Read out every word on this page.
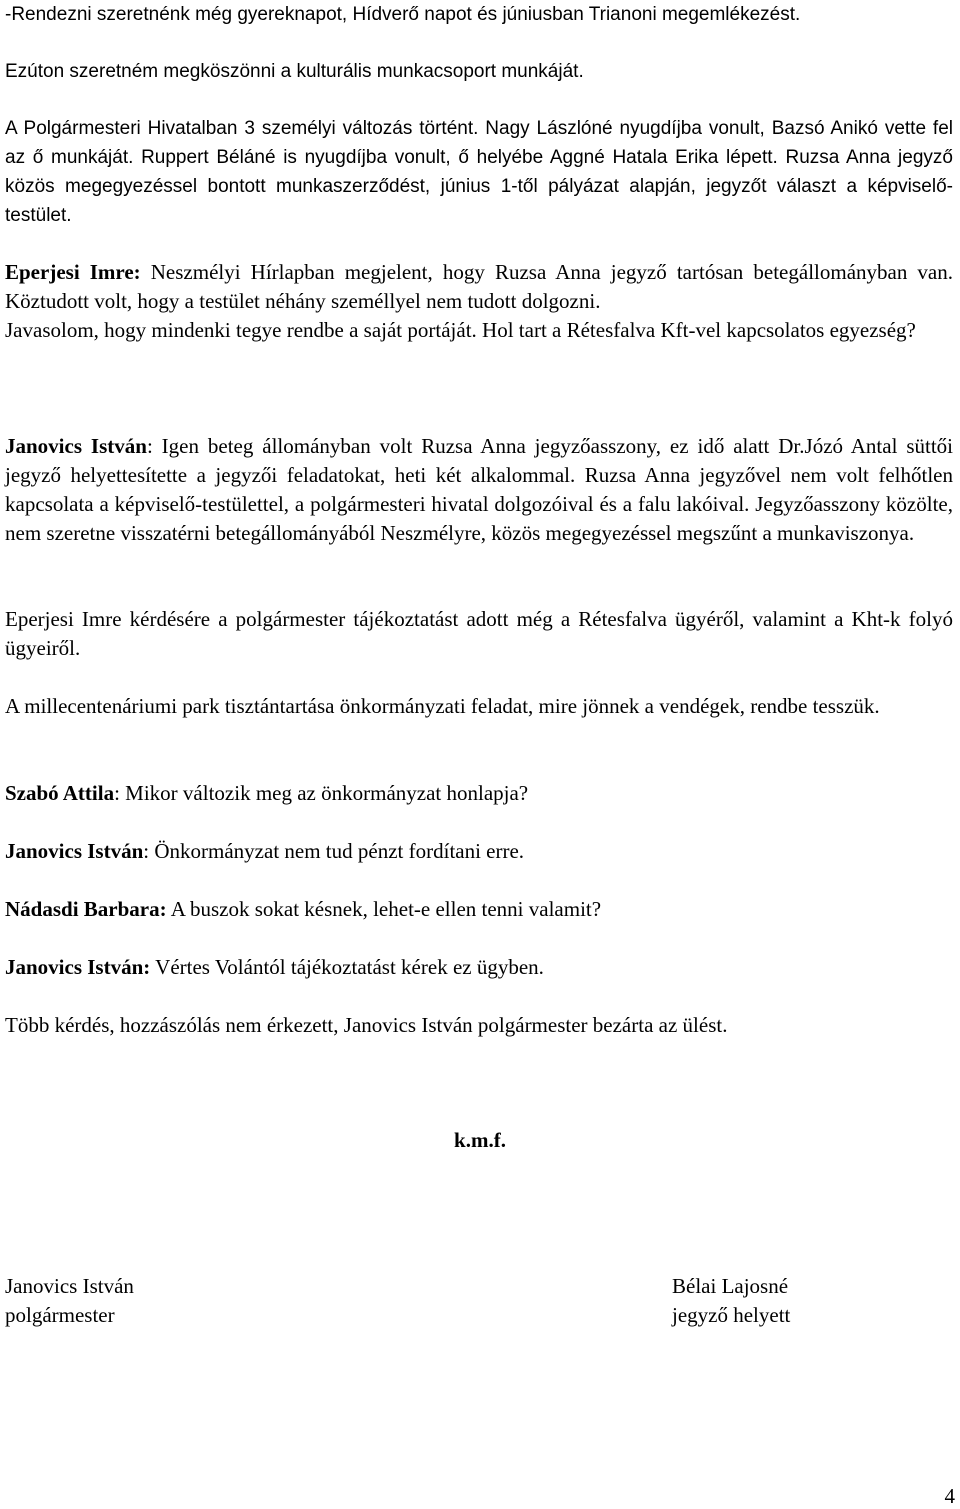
-Rendezni szeretnénk még gyereknapot, Hídverő napot és júniusban Trianoni megemlékezést.
Ezúton szeretném megköszönni a kulturális munkacsoport munkáját.
A Polgármesteri Hivatalban 3 személyi változás történt. Nagy Lászlóné nyugdíjba vonult, Bazsó Anikó vette fel az ő munkáját. Ruppert Béláné is nyugdíjba vonult, ő helyébe Aggné Hatala Erika lépett. Ruzsa Anna jegyző közös megegyezéssel bontott munkaszerződést, június 1-től pályázat alapján, jegyzőt választ a képviselő-testület.
Eperjesi Imre: Neszmélyi Hírlapban megjelent, hogy Ruzsa Anna jegyző tartósan betegállományban van. Köztudott volt, hogy a testület néhány személlyel nem tudott dolgozni.
Javasolom, hogy mindenki tegye rendbe a saját portáját. Hol tart a Rétesfalva Kft-vel kapcsolatos egyezség?
Janovics István: Igen beteg állományban volt Ruzsa Anna jegyzőasszony, ez idő alatt Dr.Józó Antal süttői jegyző helyettesítette a jegyzői feladatokat, heti két alkalommal. Ruzsa Anna jegyzővel nem volt felhőtlen kapcsolata a képviselő-testülettel, a polgármesteri hivatal dolgozóival és a falu lakóival. Jegyzőasszony közölte, nem szeretne visszatérni betegállományából Neszmélyre, közös megegyezéssel megszűnt a munkaviszonya.
Eperjesi Imre kérdésére a polgármester tájékoztatást adott még a Rétesfalva ügyéről, valamint a Kht-k folyó ügyeiről.
A millecentenáriumi park tisztántartása önkormányzati feladat, mire jönnek a vendégek, rendbe tesszük.
Szabó Attila: Mikor változik meg az önkormányzat honlapja?
Janovics István: Önkormányzat nem tud pénzt fordítani erre.
Nádasdi Barbara: A buszok sokat késnek, lehet-e ellen tenni valamit?
Janovics István: Vértes Volántól tájékoztatást kérek ez ügyben.
Több kérdés, hozzászólás nem érkezett, Janovics István polgármester bezárta az ülést.
k.m.f.
Janovics István
polgármester
Bélai Lajosné
jegyző helyett
4
